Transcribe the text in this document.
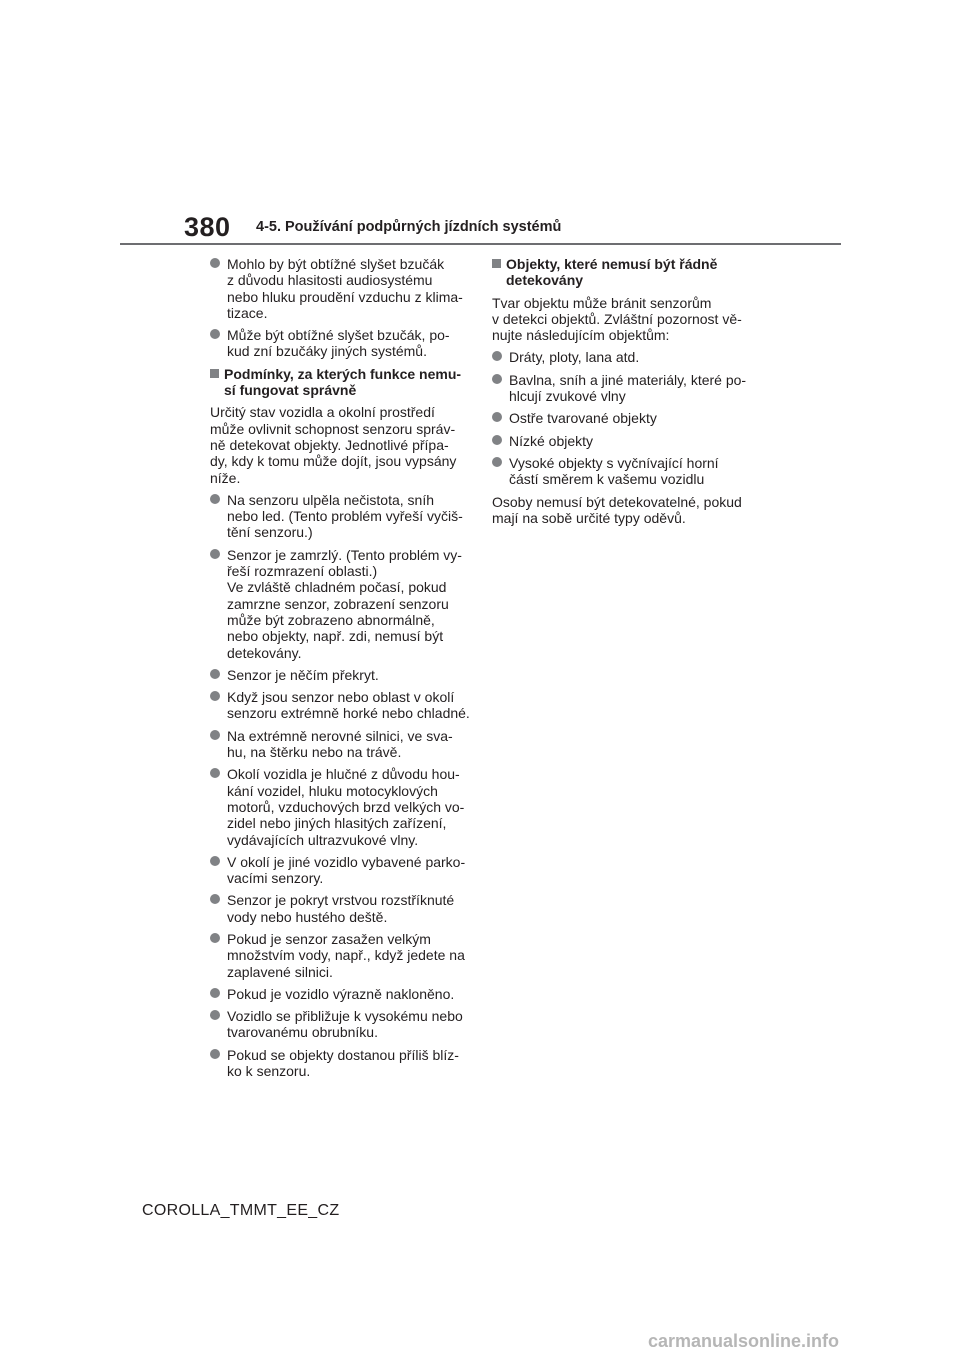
380 4-5. Používání podpůrných jízdních systémů
Mohlo by být obtížné slyšet bzučák
z důvodu hlasitosti audiosystému
nebo hluku proudění vzduchu z klima-
tizace.
Může být obtížné slyšet bzučák, po-
kud zní bzučáky jiných systémů.
Podmínky, za kterých funkce nemu-
sí fungovat správně
Určitý stav vozidla a okolní prostředí
může ovlivnit schopnost senzoru správ-
ně detekovat objekty. Jednotlivé přípa-
dy, kdy k tomu může dojít, jsou vypsány
níže.
Na senzoru ulpěla nečistota, sníh
nebo led. (Tento problém vyřeší vyčiš-
tění senzoru.)
Senzor je zamrzlý. (Tento problém vy-
řeší rozmrazení oblasti.)
Ve zvláště chladném počasí, pokud
zamrzne senzor, zobrazení senzoru
může být zobrazeno abnormálně,
nebo objekty, např. zdi, nemusí být
detekovány.
Senzor je něčím překryt.
Když jsou senzor nebo oblast v okolí
senzoru extrémně horké nebo chladné.
Na extrémně nerovné silnici, ve sva-
hu, na štěrku nebo na trávě.
Okolí vozidla je hlučné z důvodu hou-
kání vozidel, hluku motocyklových
motorů, vzduchových brzd velkých vo-
zidel nebo jiných hlasitých zařízení,
vydávajících ultrazvukové vlny.
V okolí je jiné vozidlo vybavené parko-
vacími senzory.
Senzor je pokryt vrstvou rozstříknuté
vody nebo hustého deště.
Pokud je senzor zasažen velkým
množstvím vody, např., když jedete na
zaplavené silnici.
Pokud je vozidlo výrazně nakloněno.
Vozidlo se přibližuje k vysokému nebo
tvarovanému obrubníku.
Pokud se objekty dostanou příliš blíz-
ko k senzoru.
Objekty, které nemusí být řádně
detekovány
Tvar objektu může bránit senzorům
v detekci objektů. Zvláštní pozornost vě-
nujte následujícím objektům:
Dráty, ploty, lana atd.
Bavlna, sníh a jiné materiály, které po-
hlcují zvukové vlny
Ostře tvarované objekty
Nízké objekty
Vysoké objekty s vyčnívající horní
částí směrem k vašemu vozidlu
Osoby nemusí být detekovatelné, pokud
mají na sobě určité typy oděvů.
COROLLA_TMMT_EE_CZ
carmanualsonline.info
